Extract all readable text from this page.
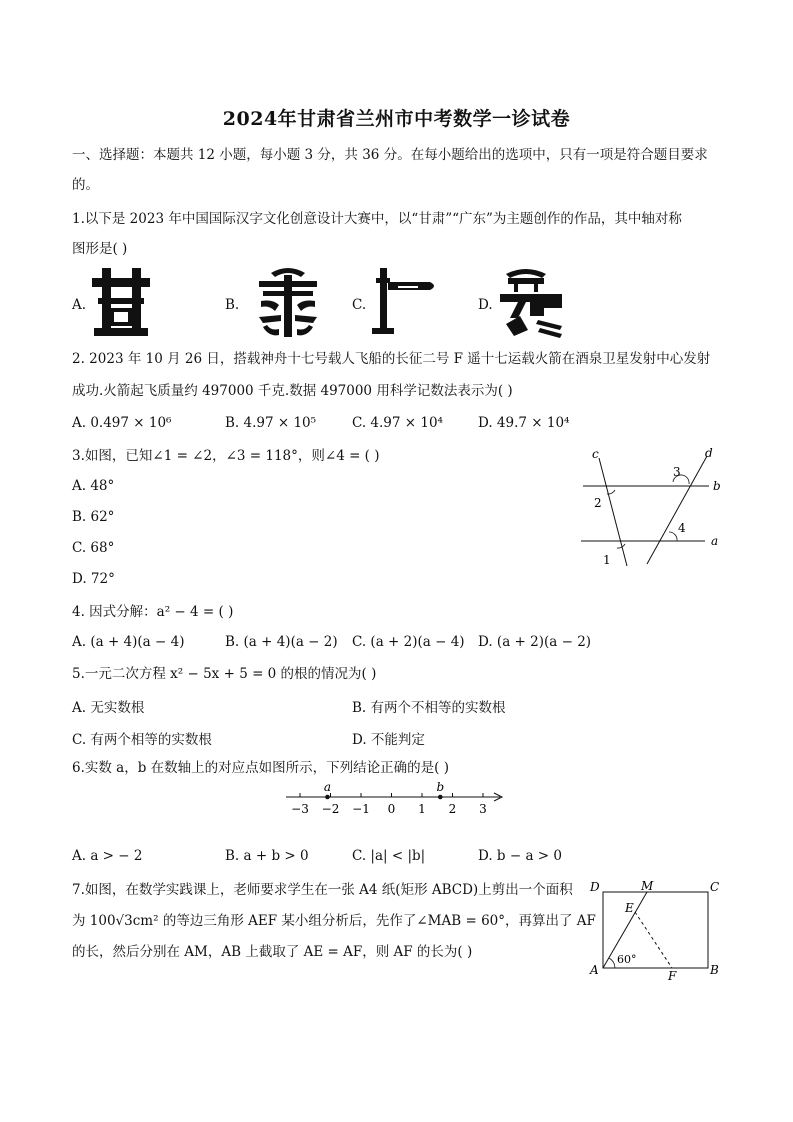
2024年甘肃省兰州市中考数学一诊试卷
一、选择题：本题共 12 小题，每小题 3 分，共 36 分。在每小题给出的选项中，只有一项是符合题目要求
的。
1.以下是 2023 年中国国际汉字文化创意设计大赛中，以“甘肃”“广东”为主题创作的作品，其中轴对称
图形是( )
A.	B.	C.	D.
2. 2023 年 10 月 26 日，搭载神舟十七号载人飞船的长征二号 F 遥十七运载火箭在酒泉卫星发射中心发射
成功.火箭起飞质量约 497000 千克.数据 497000 用科学记数法表示为( )
A. 0.497 × 10⁶	B. 4.97 × 10⁵	C. 4.97 × 10⁴	D. 49.7 × 10⁴
3.如图，已知∠1 = ∠2，∠3 = 118°，则∠4 = ( )
A. 48°
B. 62°
C. 68°
D. 72°
c	d
b
a
1
2
3
4
4. 因式分解：a² − 4 = ( )
A. (a + 4)(a − 4)	B. (a + 4)(a − 2) C. (a + 2)(a − 4) D. (a + 2)(a − 2)
5.一元二次方程 x² − 5x + 5 = 0 的根的情况为( )
A. 无实数根	B. 有两个不相等的实数根
C. 有两个相等的实数根	D. 不能判定
6.实数 a，b 在数轴上的对应点如图所示，下列结论正确的是( )
−3 −2 −1 0 1 2 3
a	b
A. a > − 2	B. a + b > 0	C. |a| < |b|	D. b − a > 0
7.如图，在数学实践课上，老师要求学生在一张 A4 纸(矩形 ABCD)上剪出一个面积
为 100√3cm² 的等边三角形 AEF 某小组分析后，先作了∠MAB = 60°，再算出了 AF
的长，然后分别在 AM，AB 上截取了 AE = AF，则 AF 的长为( )
D	M	C
E
A	F	B
60°
